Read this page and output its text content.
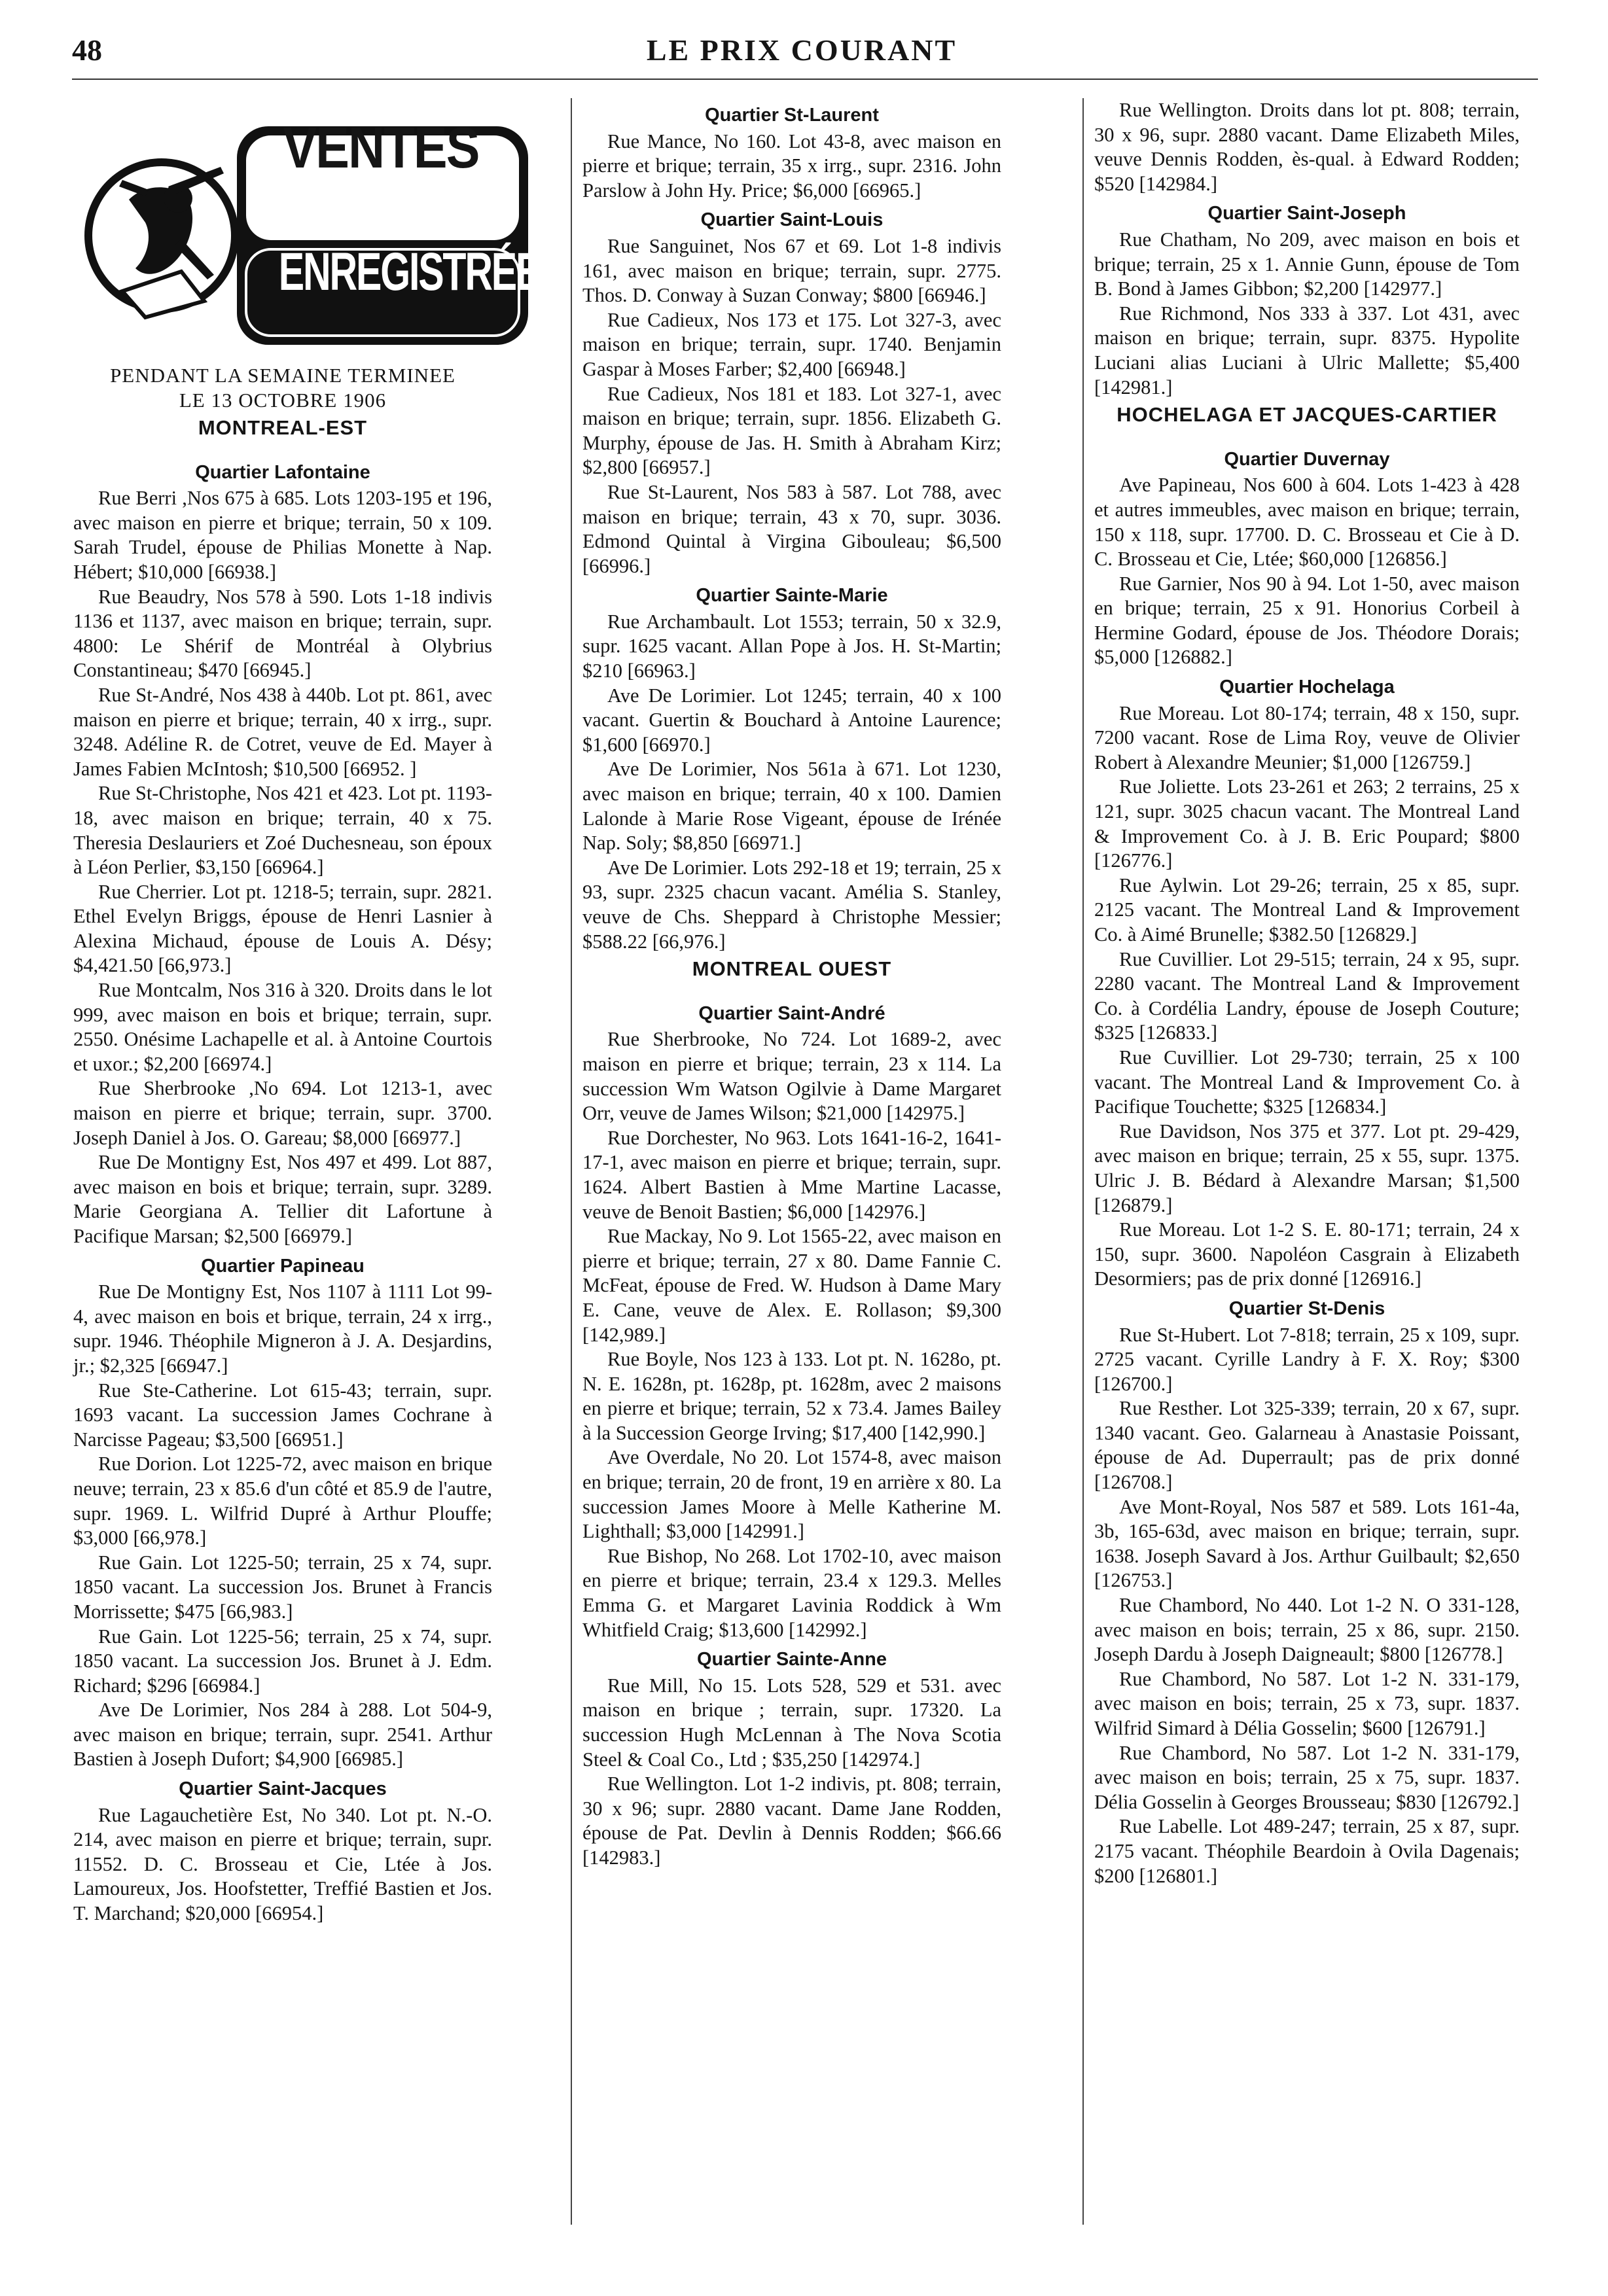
48	LE PRIX COURANT
VENTES
ENREGISTRÉES
PENDANT LA SEMAINE TERMINEE
LE 13 OCTOBRE 1906

MONTREAL-EST

Quartier Lafontaine

Rue Berri ,Nos 675 à 685. Lots 1203-195 et 196, avec maison en pierre et brique; terrain, 50 x 109. Sarah Trudel, épouse de Philias Monette à Nap. Hébert; $10,000 [66938.]

Rue Beaudry, Nos 578 à 590. Lots 1-18 indivis 1136 et 1137, avec maison en brique; terrain, supr. 4800: Le Shérif de Montréal à Olybrius Constantineau; $470 [66945.]

Rue St-André, Nos 438 à 440b. Lot pt. 861, avec maison en pierre et brique; terrain, 40 x irrg., supr. 3248. Adéline R. de Cotret, veuve de Ed. Mayer à James Fabien McIntosh; $10,500 [66952. ]

Rue St-Christophe, Nos 421 et 423. Lot pt. 1193-18, avec maison en brique; terrain, 40 x 75. Theresia Deslauriers et Zoé Duchesneau, son époux à Léon Perlier, $3,150 [66964.]

Rue Cherrier. Lot pt. 1218-5; terrain, supr. 2821. Ethel Evelyn Briggs, épouse de Henri Lasnier à Alexina Michaud, épouse de Louis A. Désy; $4,421.50 [66,973.]

Rue Montcalm, Nos 316 à 320. Droits dans le lot 999, avec maison en bois et brique; terrain, supr. 2550. Onésime Lachapelle et al. à Antoine Courtois et uxor.; $2,200 [66974.]

Rue Sherbrooke ,No 694. Lot 1213-1, avec maison en pierre et brique; terrain, supr. 3700. Joseph Daniel à Jos. O. Gareau; $8,000 [66977.]

Rue De Montigny Est, Nos 497 et 499. Lot 887, avec maison en bois et brique; terrain, supr. 3289. Marie Georgiana A. Tellier dit Lafortune à Pacifique Marsan; $2,500 [66979.]

Quartier Papineau

Rue De Montigny Est, Nos 1107 à 1111 Lot 99-4, avec maison en bois et brique, terrain, 24 x irrg., supr. 1946. Théophile Migneron à J. A. Desjardins, jr.; $2,325 [66947.]

Rue Ste-Catherine. Lot 615-43; terrain, supr. 1693 vacant. La succession James Cochrane à Narcisse Pageau; $3,500 [66951.]

Rue Dorion. Lot 1225-72, avec maison en brique neuve; terrain, 23 x 85.6 d'un côté et 85.9 de l'autre, supr. 1969. L. Wilfrid Dupré à Arthur Plouffe; $3,000 [66,978.]

Rue Gain. Lot 1225-50; terrain, 25 x 74, supr. 1850 vacant. La succession Jos. Brunet à Francis Morrissette; $475 [66,983.]

Rue Gain. Lot 1225-56; terrain, 25 x 74, supr. 1850 vacant. La succession Jos. Brunet à J. Edm. Richard; $296 [66984.]

Ave De Lorimier, Nos 284 à 288. Lot 504-9, avec maison en brique; terrain, supr. 2541. Arthur Bastien à Joseph Dufort; $4,900 [66985.]

Quartier Saint-Jacques

Rue Lagauchetière Est, No 340. Lot pt. N.-O. 214, avec maison en pierre et brique; terrain, supr. 11552. D. C. Brosseau et Cie, Ltée à Jos. Lamoureux, Jos. Hoofstetter, Treffié Bastien et Jos. T. Marchand; $20,000 [66954.]

Quartier St-Laurent

Rue Mance, No 160. Lot 43-8, avec maison en pierre et brique; terrain, 35 x irrg., supr. 2316. John Parslow à John Hy. Price; $6,000 [66965.]

Quartier Saint-Louis

Rue Sanguinet, Nos 67 et 69. Lot 1-8 indivis 161, avec maison en brique; terrain, supr. 2775. Thos. D. Conway à Suzan Conway; $800 [66946.]

Rue Cadieux, Nos 173 et 175. Lot 327-3, avec maison en brique; terrain, supr. 1740. Benjamin Gaspar à Moses Farber; $2,400 [66948.]

Rue Cadieux, Nos 181 et 183. Lot 327-1, avec maison en brique; terrain, supr. 1856. Elizabeth G. Murphy, épouse de Jas. H. Smith à Abraham Kirz; $2,800 [66957.]

Rue St-Laurent, Nos 583 à 587. Lot 788, avec maison en brique; terrain, 43 x 70, supr. 3036. Edmond Quintal à Virgina Gibouleau; $6,500 [66996.]

Quartier Sainte-Marie

Rue Archambault. Lot 1553; terrain, 50 x 32.9, supr. 1625 vacant. Allan Pope à Jos. H. St-Martin; $210 [66963.]

Ave De Lorimier. Lot 1245; terrain, 40 x 100 vacant. Guertin & Bouchard à Antoine Laurence; $1,600 [66970.]

Ave De Lorimier, Nos 561a à 671. Lot 1230, avec maison en brique; terrain, 40 x 100. Damien Lalonde à Marie Rose Vigeant, épouse de Irénée Nap. Soly; $8,850 [66971.]

Ave De Lorimier. Lots 292-18 et 19; terrain, 25 x 93, supr. 2325 chacun vacant. Amélia S. Stanley, veuve de Chs. Sheppard à Christophe Messier; $588.22 [66,976.]

MONTREAL OUEST

Quartier Saint-André

Rue Sherbrooke, No 724. Lot 1689-2, avec maison en pierre et brique; terrain, 23 x 114. La succession Wm Watson Ogilvie à Dame Margaret Orr, veuve de James Wilson; $21,000 [142975.]

Rue Dorchester, No 963. Lots 1641-16-2, 1641-17-1, avec maison en pierre et brique; terrain, supr. 1624. Albert Bastien à Mme Martine Lacasse, veuve de Benoit Bastien; $6,000 [142976.]

Rue Mackay, No 9. Lot 1565-22, avec maison en pierre et brique; terrain, 27 x 80. Dame Fannie C. McFeat, épouse de Fred. W. Hudson à Dame Mary E. Cane, veuve de Alex. E. Rollason; $9,300 [142,989.]

Rue Boyle, Nos 123 à 133. Lot pt. N. 1628o, pt. N. E. 1628n, pt. 1628p, pt. 1628m, avec 2 maisons en pierre et brique; terrain, 52 x 73.4. James Bailey à la Succession George Irving; $17,400 [142,990.]

Ave Overdale, No 20. Lot 1574-8, avec maison en brique; terrain, 20 de front, 19 en arrière x 80. La succession James Moore à Melle Katherine M. Lighthall; $3,000 [142991.]

Rue Bishop, No 268. Lot 1702-10, avec maison en pierre et brique; terrain, 23.4 x 129.3. Melles Emma G. et Margaret Lavinia Roddick à Wm Whitfield Craig; $13,600 [142992.]

Quartier Sainte-Anne

Rue Mill, No 15. Lots 528, 529 et 531. avec maison en brique ; terrain, supr. 17320. La succession Hugh McLennan à The Nova Scotia Steel & Coal Co., Ltd ; $35,250 [142974.]

Rue Wellington. Lot 1-2 indivis, pt. 808; terrain, 30 x 96; supr. 2880 vacant. Dame Jane Rodden, épouse de Pat. Devlin à Dennis Rodden; $66.66 [142983.]

Rue Wellington. Droits dans lot pt. 808; terrain, 30 x 96, supr. 2880 vacant. Dame Elizabeth Miles, veuve Dennis Rodden, ès-qual. à Edward Rodden; $520 [142984.]

Quartier Saint-Joseph

Rue Chatham, No 209, avec maison en bois et brique; terrain, 25 x 1. Annie Gunn, épouse de Tom B. Bond à James Gibbon; $2,200 [142977.]

Rue Richmond, Nos 333 à 337. Lot 431, avec maison en brique; terrain, supr. 8375. Hypolite Luciani alias Luciani à Ulric Mallette; $5,400 [142981.]

HOCHELAGA ET JACQUES-CARTIER

Quartier Duvernay

Ave Papineau, Nos 600 à 604. Lots 1-423 à 428 et autres immeubles, avec maison en brique; terrain, 150 x 118, supr. 17700. D. C. Brosseau et Cie à D. C. Brosseau et Cie, Ltée; $60,000 [126856.]

Rue Garnier, Nos 90 à 94. Lot 1-50, avec maison en brique; terrain, 25 x 91. Honorius Corbeil à Hermine Godard, épouse de Jos. Théodore Dorais; $5,000 [126882.]

Quartier Hochelaga

Rue Moreau. Lot 80-174; terrain, 48 x 150, supr. 7200 vacant. Rose de Lima Roy, veuve de Olivier Robert à Alexandre Meunier; $1,000 [126759.]

Rue Joliette. Lots 23-261 et 263; 2 terrains, 25 x 121, supr. 3025 chacun vacant. The Montreal Land & Improvement Co. à J. B. Eric Poupard; $800 [126776.]

Rue Aylwin. Lot 29-26; terrain, 25 x 85, supr. 2125 vacant. The Montreal Land & Improvement Co. à Aimé Brunelle; $382.50 [126829.]

Rue Cuvillier. Lot 29-515; terrain, 24 x 95, supr. 2280 vacant. The Montreal Land & Improvement Co. à Cordélia Landry, épouse de Joseph Couture; $325 [126833.]

Rue Cuvillier. Lot 29-730; terrain, 25 x 100 vacant. The Montreal Land & Improvement Co. à Pacifique Touchette; $325 [126834.]

Rue Davidson, Nos 375 et 377. Lot pt. 29-429, avec maison en brique; terrain, 25 x 55, supr. 1375. Ulric J. B. Bédard à Alexandre Marsan; $1,500 [126879.]

Rue Moreau. Lot 1-2 S. E. 80-171; terrain, 24 x 150, supr. 3600. Napoléon Casgrain à Elizabeth Desormiers; pas de prix donné [126916.]

Quartier St-Denis

Rue St-Hubert. Lot 7-818; terrain, 25 x 109, supr. 2725 vacant. Cyrille Landry à F. X. Roy; $300 [126700.]

Rue Resther. Lot 325-339; terrain, 20 x 67, supr. 1340 vacant. Geo. Galarneau à Anastasie Poissant, épouse de Ad. Duperrault; pas de prix donné [126708.]

Ave Mont-Royal, Nos 587 et 589. Lots 161-4a, 3b, 165-63d, avec maison en brique; terrain, supr. 1638. Joseph Savard à Jos. Arthur Guilbault; $2,650 [126753.]

Rue Chambord, No 440. Lot 1-2 N. O 331-128, avec maison en bois; terrain, 25 x 86, supr. 2150. Joseph Dardu à Joseph Daigneault; $800 [126778.]

Rue Chambord, No 587. Lot 1-2 N. 331-179, avec maison en bois; terrain, 25 x 73, supr. 1837. Wilfrid Simard à Délia Gosselin; $600 [126791.]

Rue Chambord, No 587. Lot 1-2 N. 331-179, avec maison en bois; terrain, 25 x 75, supr. 1837. Délia Gosselin à Georges Brousseau; $830 [126792.]

Rue Labelle. Lot 489-247; terrain, 25 x 87, supr. 2175 vacant. Théophile Beardoin à Ovila Dagenais; $200 [126801.]
